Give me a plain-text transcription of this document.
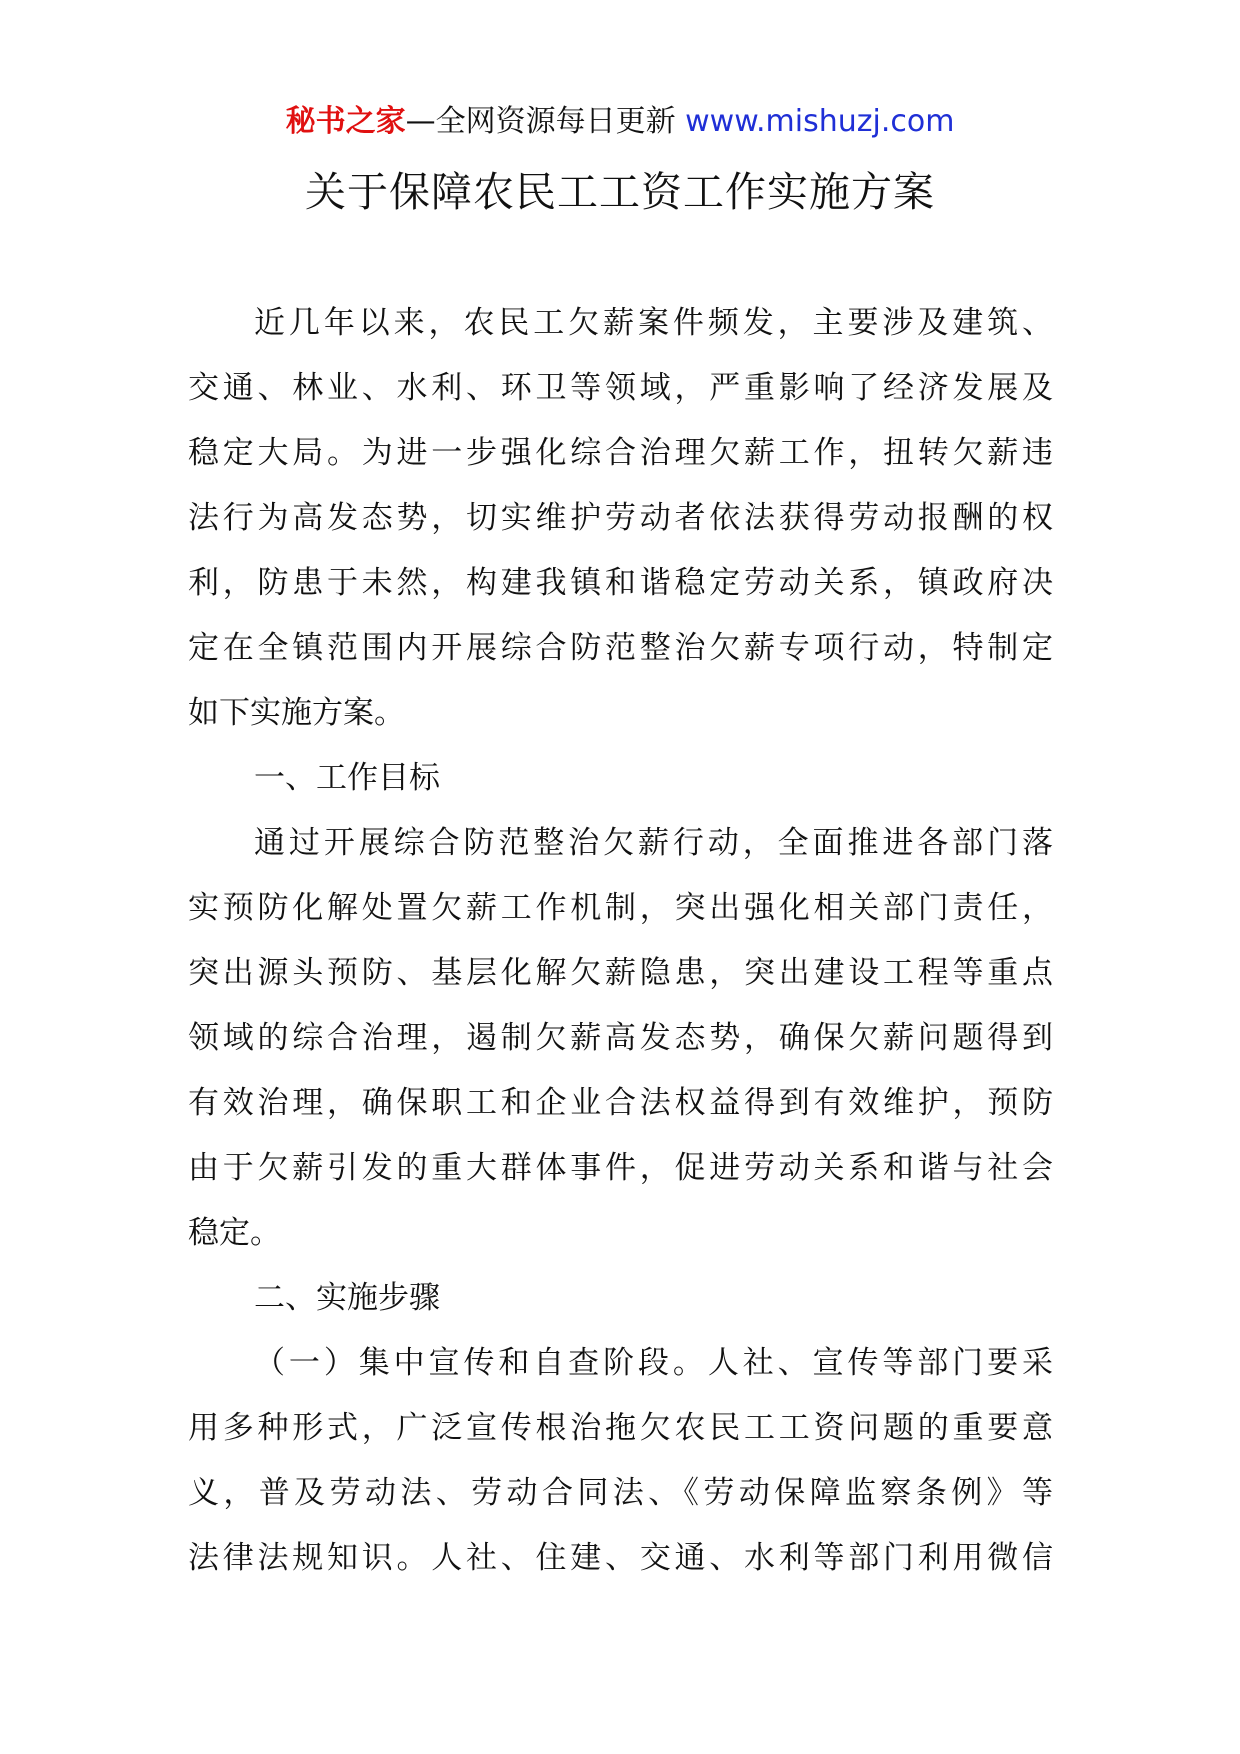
秘书之家—全网资源每日更新 www.mishuzj.com
关于保障农民工工资工作实施方案
近几年以来，农民工欠薪案件频发，主要涉及建筑、
交通、林业、水利、环卫等领域，严重影响了经济发展及
稳定大局。为进一步强化综合治理欠薪工作，扭转欠薪违
法行为高发态势，切实维护劳动者依法获得劳动报酬的权
利，防患于未然，构建我镇和谐稳定劳动关系，镇政府决
定在全镇范围内开展综合防范整治欠薪专项行动，特制定
如下实施方案。
一、工作目标
通过开展综合防范整治欠薪行动，全面推进各部门落
实预防化解处置欠薪工作机制，突出强化相关部门责任，
突出源头预防、基层化解欠薪隐患，突出建设工程等重点
领域的综合治理，遏制欠薪高发态势，确保欠薪问题得到
有效治理，确保职工和企业合法权益得到有效维护，预防
由于欠薪引发的重大群体事件，促进劳动关系和谐与社会
稳定。
二、实施步骤
（一）集中宣传和自查阶段。人社、宣传等部门要采
用多种形式，广泛宣传根治拖欠农民工工资问题的重要意
义，普及劳动法、劳动合同法、《劳动保障监察条例》等
法律法规知识。人社、住建、交通、水利等部门利用微信
